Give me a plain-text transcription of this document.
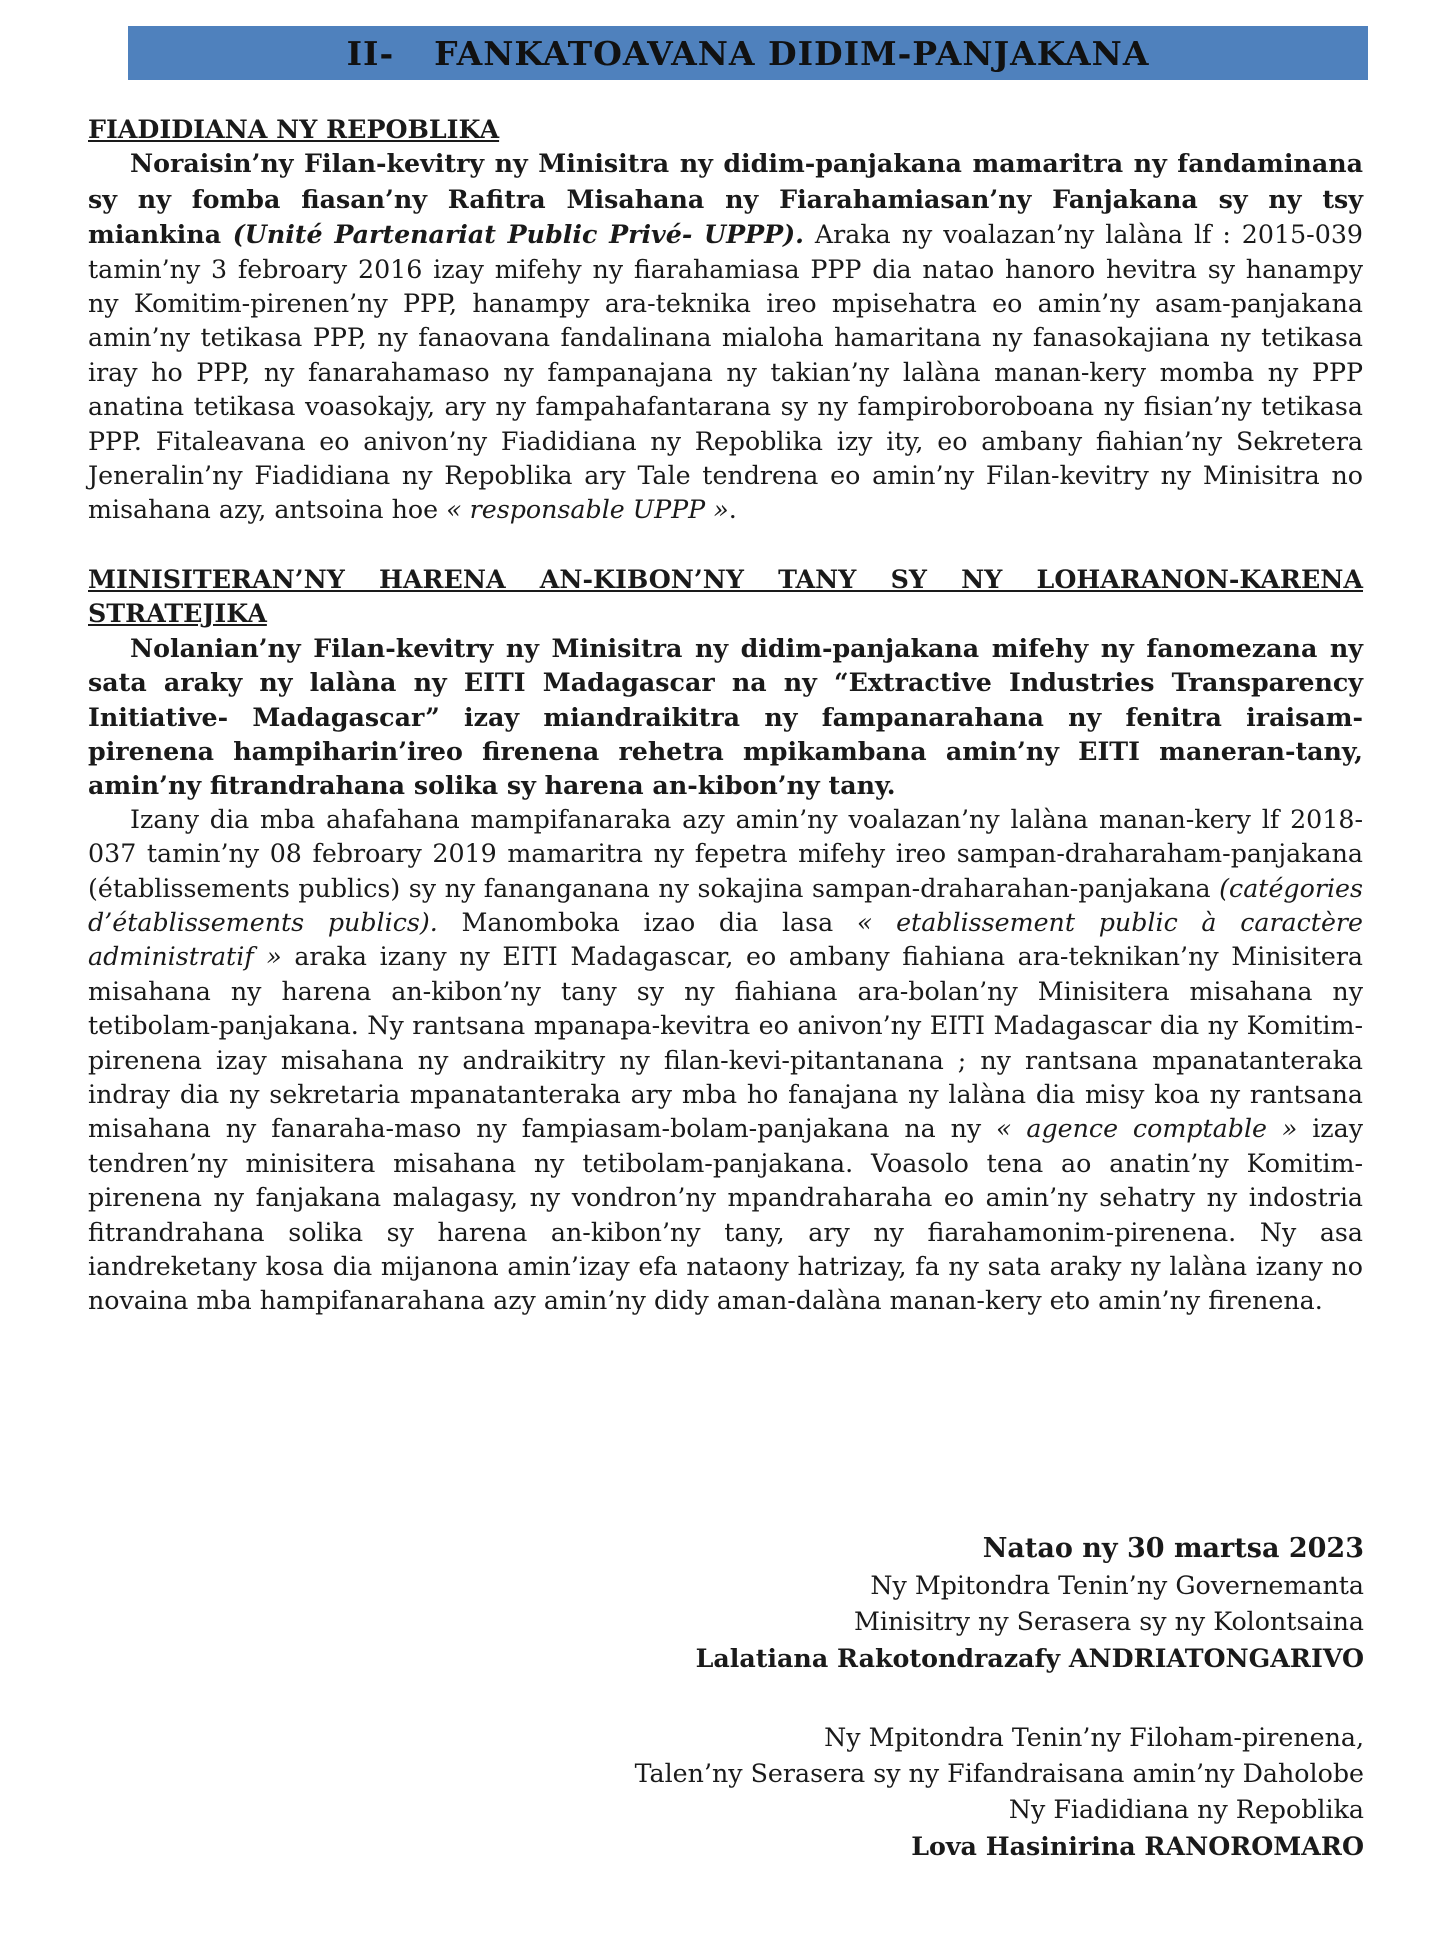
II- FANKATOAVANA DIDIM-PANJAKANA
FIADIDIANA NY REPOBLIKA

Noraisin’ny Filan-kevitry ny Minisitra ny didim-panjakana mamaritra ny fandaminana sy ny fomba fiasan’ny Rafitra Misahana ny Fiarahamiasan’ny Fanjakana sy ny tsy miankina (Unité Partenariat Public Privé- UPPP). Araka ny voalazan’ny lalàna lf : 2015-039 tamin’ny 3 febroary 2016 izay mifehy ny fiarahamiasa PPP dia natao hanoro hevitra sy hanampy ny Komitim-pirenen’ny PPP, hanampy ara-teknika ireo mpisehatra eo amin’ny asam-panjakana amin’ny tetikasa PPP, ny fanaovana fandalinana mialoha hamaritana ny fanasokajiana ny tetikasa iray ho PPP, ny fanarahamaso ny fampanajana ny takian’ny lalàna manan-kery momba ny PPP anatina tetikasa voasokajy, ary ny fampahafantarana sy ny fampiroboroboana ny fisian’ny tetikasa PPP. Fitaleavana eo anivon’ny Fiadidiana ny Repoblika izy ity, eo ambany fiahian’ny Sekretera Jeneralin’ny Fiadidiana ny Repoblika ary Tale tendrena eo amin’ny Filan-kevitry ny Minisitra no misahana azy, antsoina hoe « responsable UPPP ».

MINISITERAN’NY HARENA AN-KIBON’NY TANY SY NY LOHARANON-KARENA STRATEJIKA

Nolanian’ny Filan-kevitry ny Minisitra ny didim-panjakana mifehy ny fanomezana ny sata araky ny lalàna ny EITI Madagascar na ny “Extractive Industries Transparency Initiative- Madagascar” izay miandraikitra ny fampanarahana ny fenitra iraisam-pirenena hampiharin’ireo firenena rehetra mpikambana amin’ny EITI maneran-tany, amin’ny fitrandrahana solika sy harena an-kibon’ny tany.

Izany dia mba ahafahana mampifanaraka azy amin’ny voalazan’ny lalàna manan-kery lf 2018-037 tamin’ny 08 febroary 2019 mamaritra ny fepetra mifehy ireo sampan-draharaham-panjakana (établissements publics) sy ny fananganana ny sokajina sampan-draharahan-panjakana (catégories d’établissements publics). Manomboka izao dia lasa « etablissement public à caractère administratif » araka izany ny EITI Madagascar, eo ambany fiahiana ara-teknikan’ny Minisitera misahana ny harena an-kibon’ny tany sy ny fiahiana ara-bolan’ny Minisitera misahana ny tetibolam-panjakana. Ny rantsana mpanapa-kevitra eo anivon’ny EITI Madagascar dia ny Komitim-pirenena izay misahana ny andraikitry ny filan-kevi-pitantanana ; ny rantsana mpanatanteraka indray dia ny sekretaria mpanatanteraka ary mba ho fanajana ny lalàna dia misy koa ny rantsana misahana ny fanaraha-maso ny fampiasam-bolam-panjakana na ny « agence comptable » izay tendren’ny minisitera misahana ny tetibolam-panjakana. Voasolo tena ao anatin’ny Komitim-pirenena ny fanjakana malagasy, ny vondron’ny mpandraharaha eo amin’ny sehatry ny indostria fitrandrahana solika sy harena an-kibon’ny tany, ary ny fiarahamonim-pirenena. Ny asa iandreketany kosa dia mijanona amin’izay efa nataony hatrizay, fa ny sata araky ny lalàna izany no novaina mba hampifanarahana azy amin’ny didy aman-dalàna manan-kery eto amin’ny firenena.

Natao ny 30 martsa 2023
Ny Mpitondra Tenin’ny Governemanta
Minisitry ny Serasera sy ny Kolontsaina
Lalatiana Rakotondrazafy ANDRIATONGARIVO
Ny Mpitondra Tenin’ny Filoham-pirenena,
Talen’ny Serasera sy ny Fifandraisana amin’ny Daholobe
Ny Fiadidiana ny Repoblika
Lova Hasinirina RANOROMARO
